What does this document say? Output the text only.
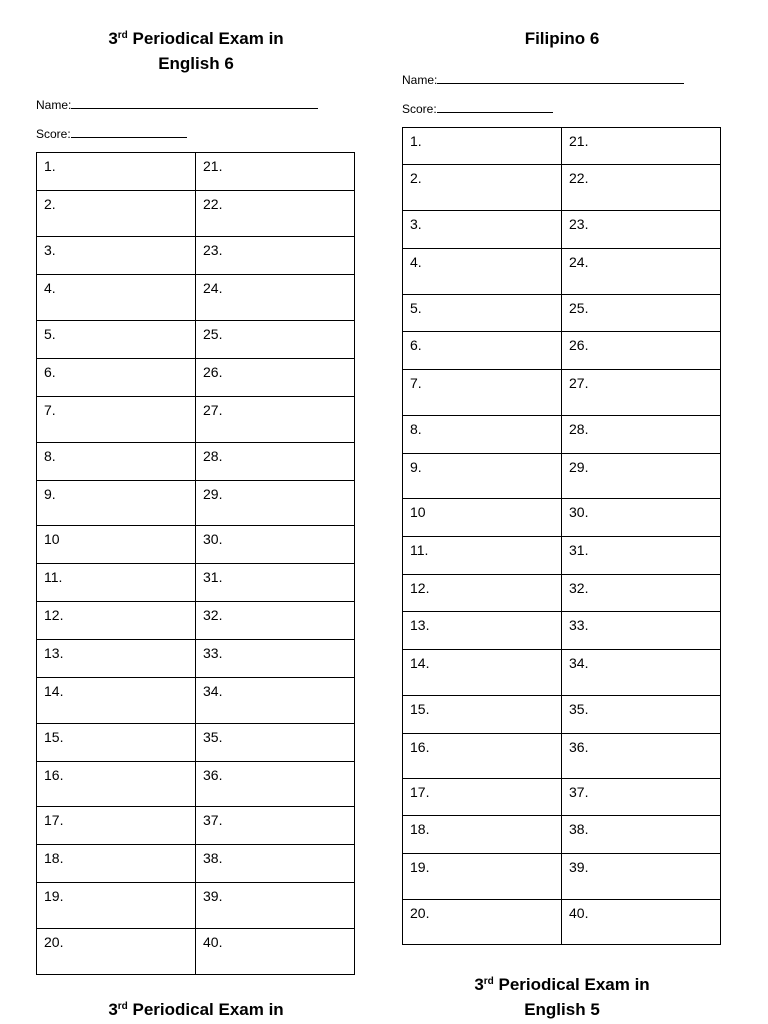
3rd Periodical Exam in
English 6
Name:
Score:
1.	21.
2.	22.
3.	23.
4.	24.
5.	25.
6.	26.
7.	27.
8.	28.
9.	29.
10	30.
11.	31.
12.	32.
13.	33.
14.	34.
15.	35.
16.	36.
17.	37.
18.	38.
19.	39.
20.	40.
3rd Periodical Exam in
Filipino 6
Name:
Score:
1.	21.
2.	22.
3.	23.
4.	24.
5.	25.
6.	26.
7.	27.
8.	28.
9.	29.
10	30.
11.	31.
12.	32.
13.	33.
14.	34.
15.	35.
16.	36.
17.	37.
18.	38.
19.	39.
20.	40.
3rd Periodical Exam in
English 5
